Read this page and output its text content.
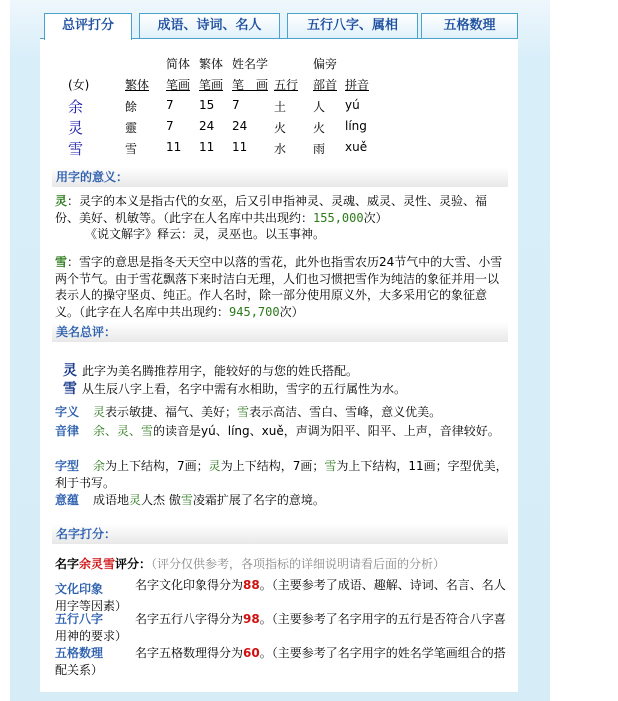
总评打分	成语、诗词、名人	五行八字、属相	五格数理
简体 繁体 姓名学	偏旁
(女)	繁体 笔画 笔画 笔　画 五行 部首 拼音
余	餘 7 15 7	土 人 yú
灵	靈 7 24 24 火 火 líng
雪	雪 11 11 11 水 雨 xuě
用字的意义：
灵：灵字的本义是指古代的女巫，后又引申指神灵、灵魂、威灵、灵性、灵验、福份、美好、机敏等。（此字在人名库中共出现约：155,000次）
《说文解字》释云：灵，灵巫也。以玉事神。
雪：雪字的意思是指冬天天空中以落的雪花，此外也指雪农历24节气中的大雪、小雪两个节气。由于雪花飘落下来时洁白无理，人们也习惯把雪作为纯洁的象征并用一以表示人的操守坚贞、纯正。作人名时，除一部分使用原义外，大多采用它的象征意义。（此字在人名库中共出现约：945,700次）
美名总评：
灵 此字为美名腾推荐用字，能较好的与您的姓氏搭配。
雪 从生辰八字上看，名字中需有水相助，雪字的五行属性为水。
字义 灵表示敏捷、福气、美好；雪表示高洁、雪白、雪峰，意义优美。
音律 余、灵、雪的读音是yú、líng、xuě，声调为阳平、阳平、上声，音律较好。
字型 余为上下结构，7画；灵为上下结构，7画；雪为上下结构，11画；字型优美，利于书写。
意蕴 成语地灵人杰 傲雪凌霜扩展了名字的意境。
名字打分：
名字余灵雪评分：（评分仅供参考，各项指标的详细说明请看后面的分析）
文化印象	名字文化印象得分为88。（主要参考了成语、趣解、诗词、名言、名人用字等因素）
五行八字	名字五行八字得分为98。（主要参考了名字用字的五行是否符合八字喜用神的要求）
五格数理	名字五格数理得分为60。（主要参考了名字用字的姓名学笔画组合的搭配关系）
